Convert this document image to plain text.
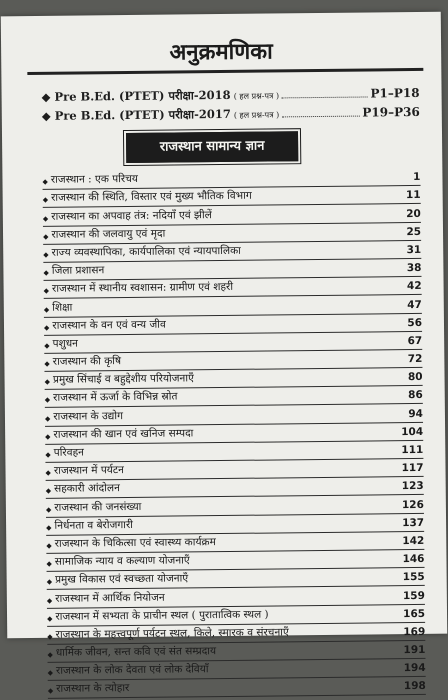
अनुक्रमणिका
◆ Pre B.Ed. (PTET) परीक्षा-2018 ( हल प्रश्न-पत्र )	P1–P18
◆ Pre B.Ed. (PTET) परीक्षा-2017 ( हल प्रश्न-पत्र )	P19–P36
राजस्थान सामान्य ज्ञान
◆ राजस्थान : एक परिचय	1
◆ राजस्थान की स्थिति, विस्तार एवं मुख्य भौतिक विभाग	11
◆ राजस्थान का अपवाह तंत्र: नदियाँ एवं झीलें	20
◆ राजस्थान की जलवायु एवं मृदा	25
◆ राज्य व्यवस्थापिका, कार्यपालिका एवं न्यायपालिका	31
◆ जिला प्रशासन	38
◆ राजस्थान में स्थानीय स्वशासन: ग्रामीण एवं शहरी	42
◆ शिक्षा	47
◆ राजस्थान के वन एवं वन्य जीव	56
◆ पशुधन	67
◆ राजस्थान की कृषि	72
◆ प्रमुख सिंचाई व बहुद्देशीय परियोजनाएँ	80
◆ राजस्थान में ऊर्जा के विभिन्न स्रोत	86
◆ राजस्थान के उद्योग	94
◆ राजस्थान की खान एवं खनिज सम्पदा	104
◆ परिवहन	111
◆ राजस्थान में पर्यटन	117
◆ सहकारी आंदोलन	123
◆ राजस्थान की जनसंख्या	126
◆ निर्धनता व बेरोजगारी	137
◆ राजस्थान के चिकित्सा एवं स्वास्थ्य कार्यक्रम	142
◆ सामाजिक न्याय व कल्याण योजनाएँ	146
◆ प्रमुख विकास एवं स्वच्छता योजनाएँ	155
◆ राजस्थान में आर्थिक नियोजन	159
◆ राजस्थान में सभ्यता के प्राचीन स्थल ( पुरातात्विक स्थल )	165
◆ राजस्थान के महत्त्वपूर्ण पर्यटन स्थल, किले, स्मारक व संरचनाएँ	169
◆ धार्मिक जीवन, सन्त कवि एवं संत सम्प्रदाय	191
◆ राजस्थान के लोक देवता एवं लोक देवियाँ	194
◆ राजस्थान के त्योहार	198
